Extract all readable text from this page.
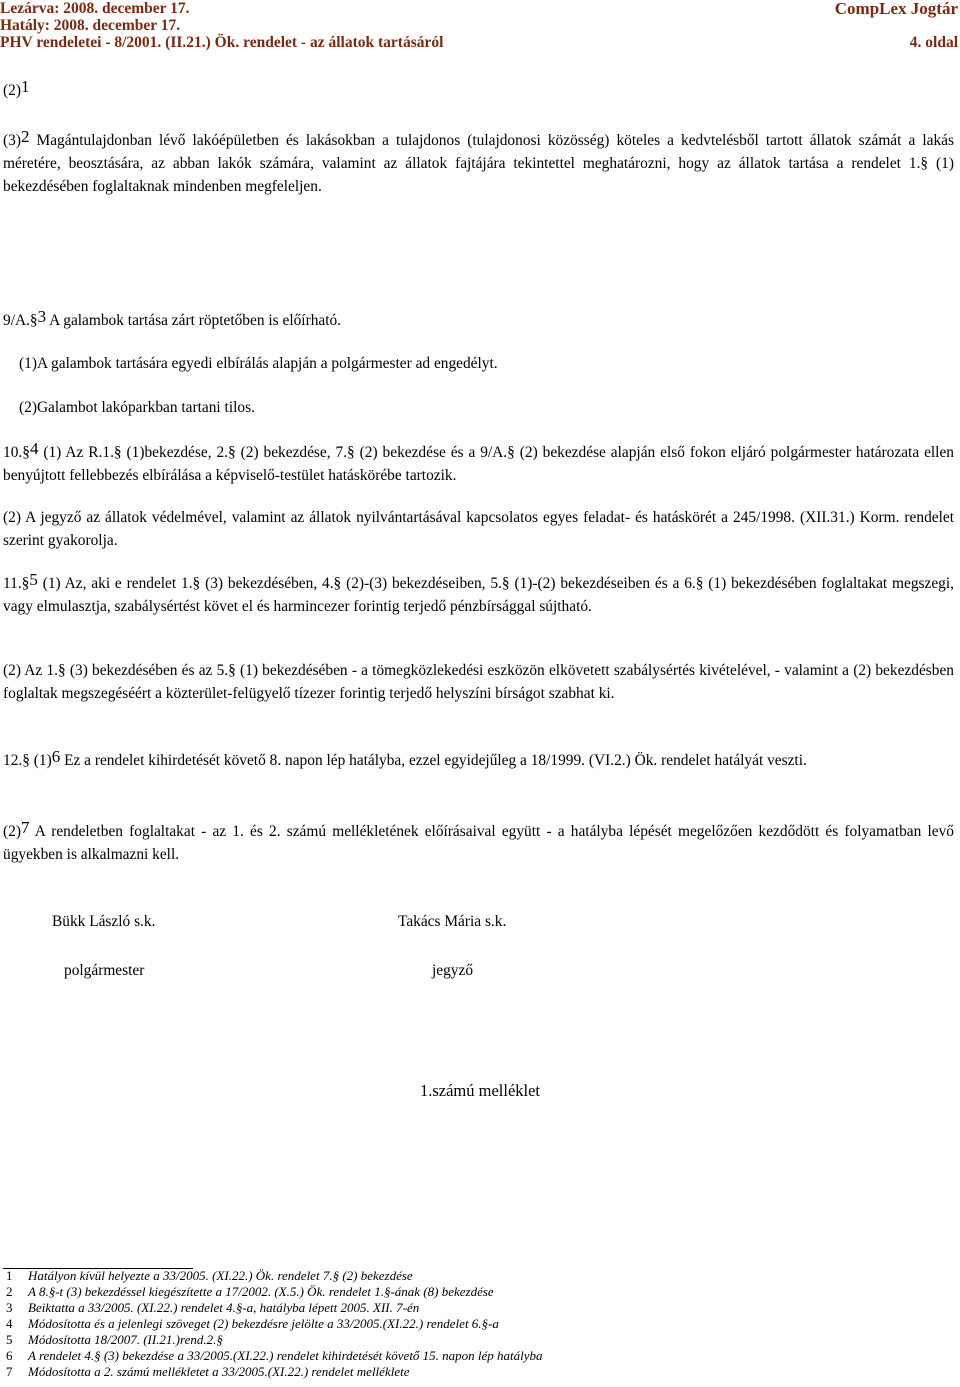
Lezárva: 2008. december 17.	CompLex Jogtár
Hatály: 2008. december 17.
PHV rendeletei - 8/2001. (II.21.) Ök. rendelet - az állatok tartásáról	4. oldal
(2)1
(3)2 Magántulajdonban lévő lakóépületben és lakásokban a tulajdonos (tulajdonosi közösség) köteles a kedvtelésből tartott állatok számát a lakás méretére, beosztására, az abban lakók számára, valamint az állatok fajtájára tekintettel meghatározni, hogy az állatok tartása a rendelet 1.§ (1) bekezdésében foglaltaknak mindenben megfeleljen.
9/A.§3 A galambok tartása zárt röptetőben is előírható.
(1)A galambok tartására egyedi elbírálás alapján a polgármester ad engedélyt.
(2)Galambot lakóparkban tartani tilos.
10.§4 (1) Az R.1.§ (1)bekezdése, 2.§ (2) bekezdése, 7.§ (2) bekezdése és a 9/A.§ (2) bekezdése alapján első fokon eljáró polgármester határozata ellen benyújtott fellebbezés elbírálása a képviselő-testület hatáskörébe tartozik.
(2) A jegyző az állatok védelmével, valamint az állatok nyilvántartásával kapcsolatos egyes feladat- és hatáskörét a 245/1998. (XII.31.) Korm. rendelet szerint gyakorolja.
11.§5 (1) Az, aki e rendelet 1.§ (3) bekezdésében, 4.§ (2)-(3) bekezdéseiben, 5.§ (1)-(2) bekezdéseiben és a 6.§ (1) bekezdésében foglaltakat megszegi, vagy elmulasztja, szabálysértést követ el és harmincezer forintig terjedő pénzbírsággal sújtható.
(2) Az 1.§ (3) bekezdésében és az 5.§ (1) bekezdésében - a tömegközlekedési eszközön elkövetett szabálysértés kivételével, - valamint a (2) bekezdésben foglaltak megszegéséért a közterület-felügyelő tízezer forintig terjedő helyszíni bírságot szabhat ki.
12.§ (1)6 Ez a rendelet kihirdetését követő 8. napon lép hatályba, ezzel egyidejűleg a 18/1999. (VI.2.) Ök. rendelet hatályát veszti.
(2)7 A rendeletben foglaltakat - az 1. és 2. számú mellékletének előírásaival együtt - a hatályba lépését megelőzően kezdődött és folyamatban levő ügyekben is alkalmazni kell.
Bükk László s.k.	Takács Mária s.k.
polgármester	jegyző
1.számú melléklet
1 Hatályon kívül helyezte a 33/2005. (XI.22.) Ök. rendelet 7.§ (2) bekezdése
2 A 8.§-t (3) bekezdéssel kiegészítette a 17/2002. (X.5.) Ök. rendelet 1.§-ának (8) bekezdése
3 Beiktatta a 33/2005. (XI.22.) rendelet 4.§-a, hatályba lépett 2005. XII. 7-én
4 Módosította és a jelenlegi szöveget (2) bekezdésre jelölte a 33/2005.(XI.22.) rendelet 6.§-a
5 Módosította 18/2007. (II.21.)rend.2.§
6 A rendelet 4.§ (3) bekezdése a 33/2005.(XI.22.) rendelet kihirdetését követő 15. napon lép hatályba
7 Módosította a 2. számú mellékletet a 33/2005.(XI.22.) rendelet melléklete
